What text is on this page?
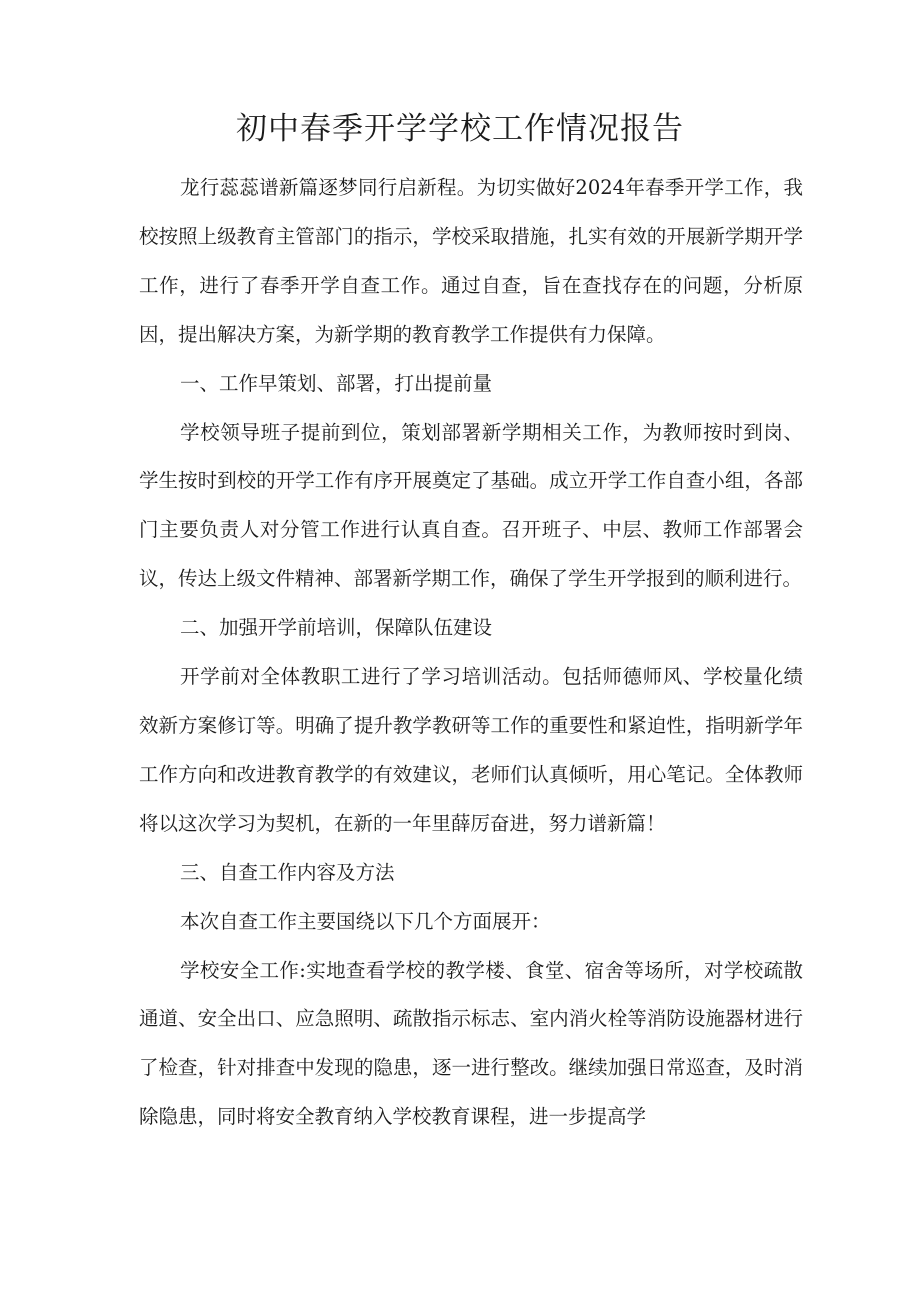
初中春季开学学校工作情况报告

龙行蕊蕊谱新篇逐梦同行启新程。为切实做好2024年春季开学工作，我校按照上级教育主管部门的指示，学校采取措施，扎实有效的开展新学期开学工作，进行了春季开学自查工作。通过自查，旨在查找存在的问题，分析原因，提出解决方案，为新学期的教育教学工作提供有力保障。

一、工作早策划、部署，打出提前量

学校领导班子提前到位，策划部署新学期相关工作，为教师按时到岗、学生按时到校的开学工作有序开展奠定了基础。成立开学工作自查小组，各部门主要负责人对分管工作进行认真自查。召开班子、中层、教师工作部署会议，传达上级文件精神、部署新学期工作，确保了学生开学报到的顺利进行。

二、加强开学前培训，保障队伍建设

开学前对全体教职工进行了学习培训活动。包括师德师风、学校量化绩效新方案修订等。明确了提升教学教研等工作的重要性和紧迫性，指明新学年工作方向和改进教育教学的有效建议，老师们认真倾听，用心笔记。全体教师将以这次学习为契机，在新的一年里薛厉奋进，努力谱新篇！

三、自查工作内容及方法

本次自查工作主要国绕以下几个方面展开：

学校安全工作:实地查看学校的教学楼、食堂、宿舍等场所，对学校疏散通道、安全出口、应急照明、疏散指示标志、室内消火栓等消防设施器材进行了检查，针对排查中发现的隐患，逐一进行整改。继续加强日常巡查，及时消除隐患，同时将安全教育纳入学校教育课程，进一步提高学
